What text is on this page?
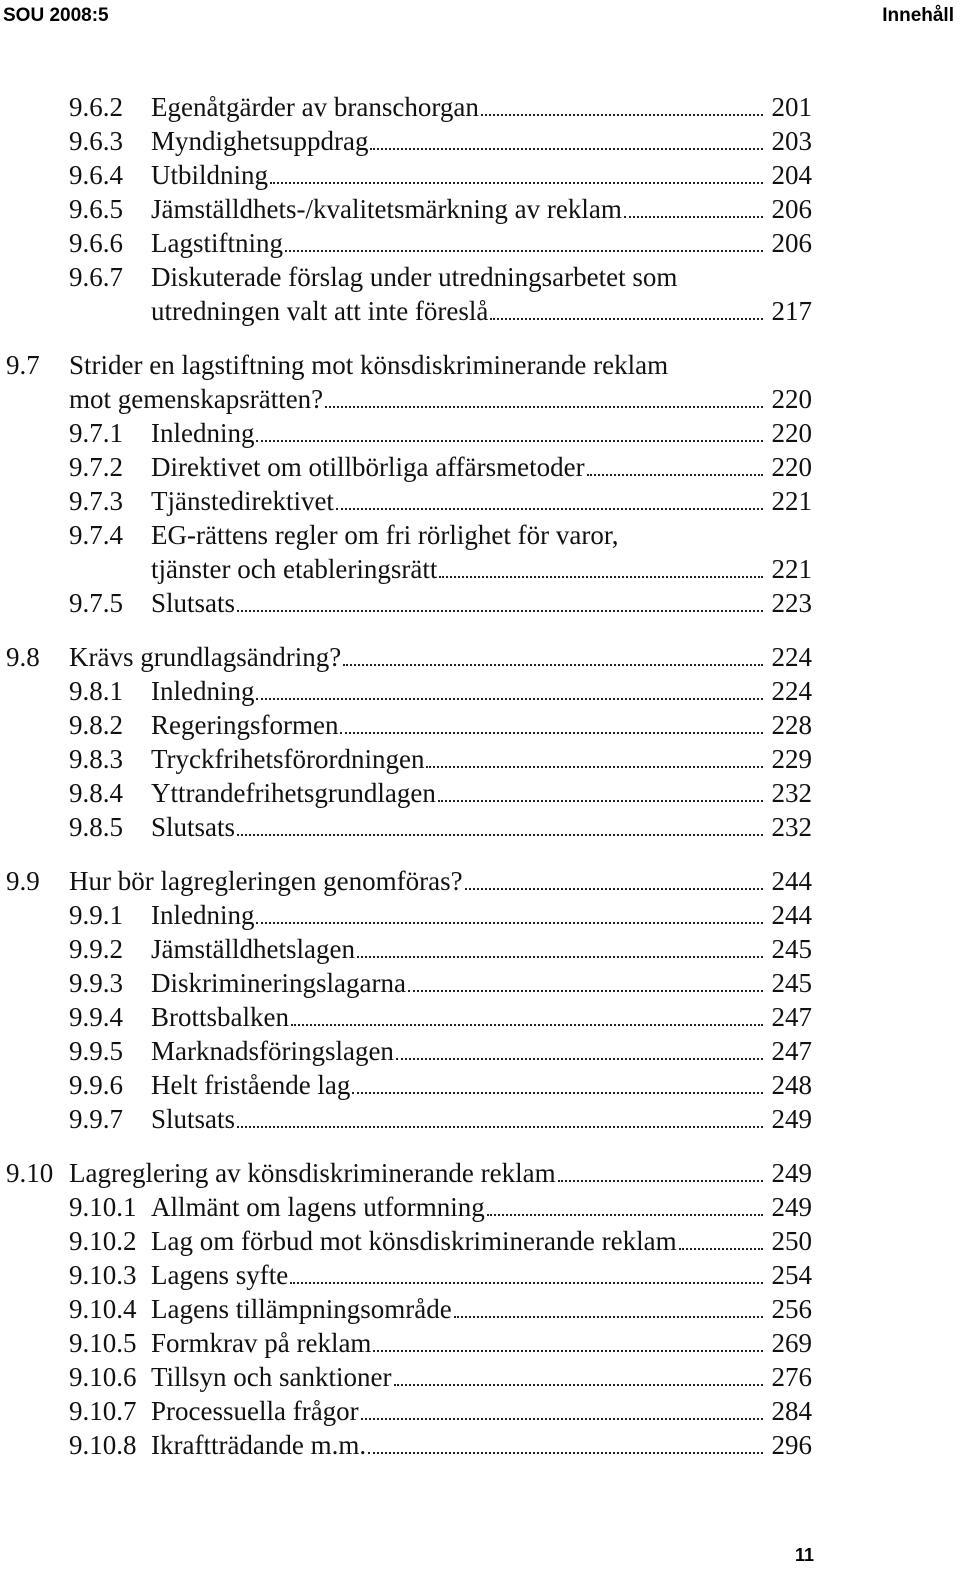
SOU 2008:5	Innehåll
9.6.2 Egenåtgärder av branschorgan	201
9.6.3 Myndighetsuppdrag	203
9.6.4 Utbildning	204
9.6.5 Jämställdhets-/kvalitetsmärkning av reklam	206
9.6.6 Lagstiftning	206
9.6.7 Diskuterade förslag under utredningsarbetet som
utredningen valt att inte föreslå	217
9.7 Strider en lagstiftning mot könsdiskriminerande reklam
mot gemenskapsrätten?	220
9.7.1 Inledning	220
9.7.2 Direktivet om otillbörliga affärsmetoder	220
9.7.3 Tjänstedirektivet	221
9.7.4 EG-rättens regler om fri rörlighet för varor,
tjänster och etableringsrätt	221
9.7.5 Slutsats	223
9.8 Krävs grundlagsändring?	224
9.8.1 Inledning	224
9.8.2 Regeringsformen	228
9.8.3 Tryckfrihetsförordningen	229
9.8.4 Yttrandefrihetsgrundlagen	232
9.8.5 Slutsats	232
9.9 Hur bör lagregleringen genomföras?	244
9.9.1 Inledning	244
9.9.2 Jämställdhetslagen	245
9.9.3 Diskrimineringslagarna	245
9.9.4 Brottsbalken	247
9.9.5 Marknadsföringslagen	247
9.9.6 Helt fristående lag	248
9.9.7 Slutsats	249
9.10 Lagreglering av könsdiskriminerande reklam	249
9.10.1 Allmänt om lagens utformning	249
9.10.2 Lag om förbud mot könsdiskriminerande reklam	250
9.10.3 Lagens syfte	254
9.10.4 Lagens tillämpningsområde	256
9.10.5 Formkrav på reklam	269
9.10.6 Tillsyn och sanktioner	276
9.10.7 Processuella frågor	284
9.10.8 Ikraftträdande m.m.	296
11
